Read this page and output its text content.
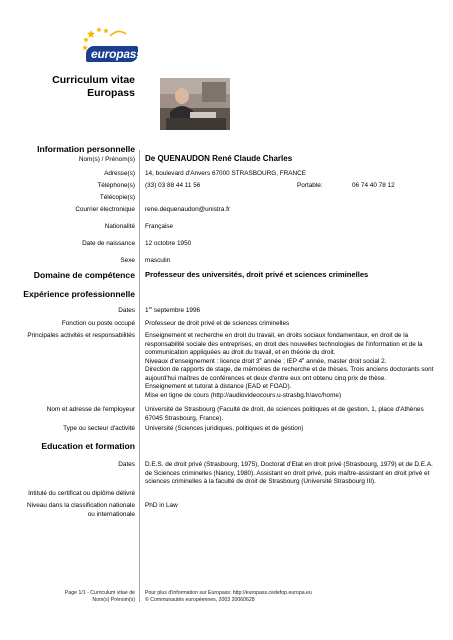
europass
Curriculum vitae
Europass
Information personnelle
Nom(s) / Prénom(s) De QUENAUDON René Claude Charles
Adresse(s) 14, boulevard d'Anvers 67000 STRASBOURG, FRANCE
Téléphone(s) (33) 03 88 44 11 56	Portable:	06 74 40 78 12
Télécopie(s)
Courrier électronique rene.dequenaudon@unistra.fr
Nationalité Française
Date de naissance 12 octobre 1950
Sexe masculin
Domaine de compétence Professeur des universités, droit privé et sciences criminelles
Expérience professionnelle
Dates 1er septembre 1996
Fonction ou poste occupé Professeur de droit privé et de sciences criminelles
Principales activités et responsabilités Enseignement et recherche en droit du travail, en droits sociaux fondamentaux, en droit de la
responsabilité sociale des entreprises, en droit des nouvelles technologies de l'information et de la
communication appliquées au droit du travail, et en théorie du droit.
Niveaux d'enseignement : licence droit 3e année ; IEP 4e année, master droit social 2.
Direction de rapports de stage, de mémoires de recherche et de thèses. Trois anciens doctorants sont
aujourd'hui maîtres de conférences et deux d'entre eux ont obtenu cinq prix de thèse.
Enseignement et tutorat à distance (EAD et FOAD).
Mise en ligne de cours (http://audiovideocours.u-strasbg.fr/avc/home)
Nom et adresse de l'employeur Université de Strasbourg (Faculté de droit, de sciences politiques et de gestion, 1, place d'Athènes
67045 Strasbourg, France).
Type ou secteur d'activité Université (Sciences juridiques, politiques et de gestion)
Education et formation
Dates D.E.S. de droit privé (Strasbourg, 1975), Doctorat d'Etat en droit privé (Strasbourg, 1979) et de D.E.A.
de Sciences criminelles (Nancy, 1980). Assistant en droit privé, puis maître-assistant en droit privé et
sciences criminelles à la faculté de droit de Strasbourg (Université Strasbourg III).
Intitulé du certificat ou diplôme délivré
Niveau dans la classification nationale
ou internationale
PhD in Law
Page 1/1 - Curriculum vitae de
Nom(s) Prénom(s)
Pour plus d'information sur Europass: http://europass.cedefop.europa.eu
© Communautés européennes, 2003 20060628
